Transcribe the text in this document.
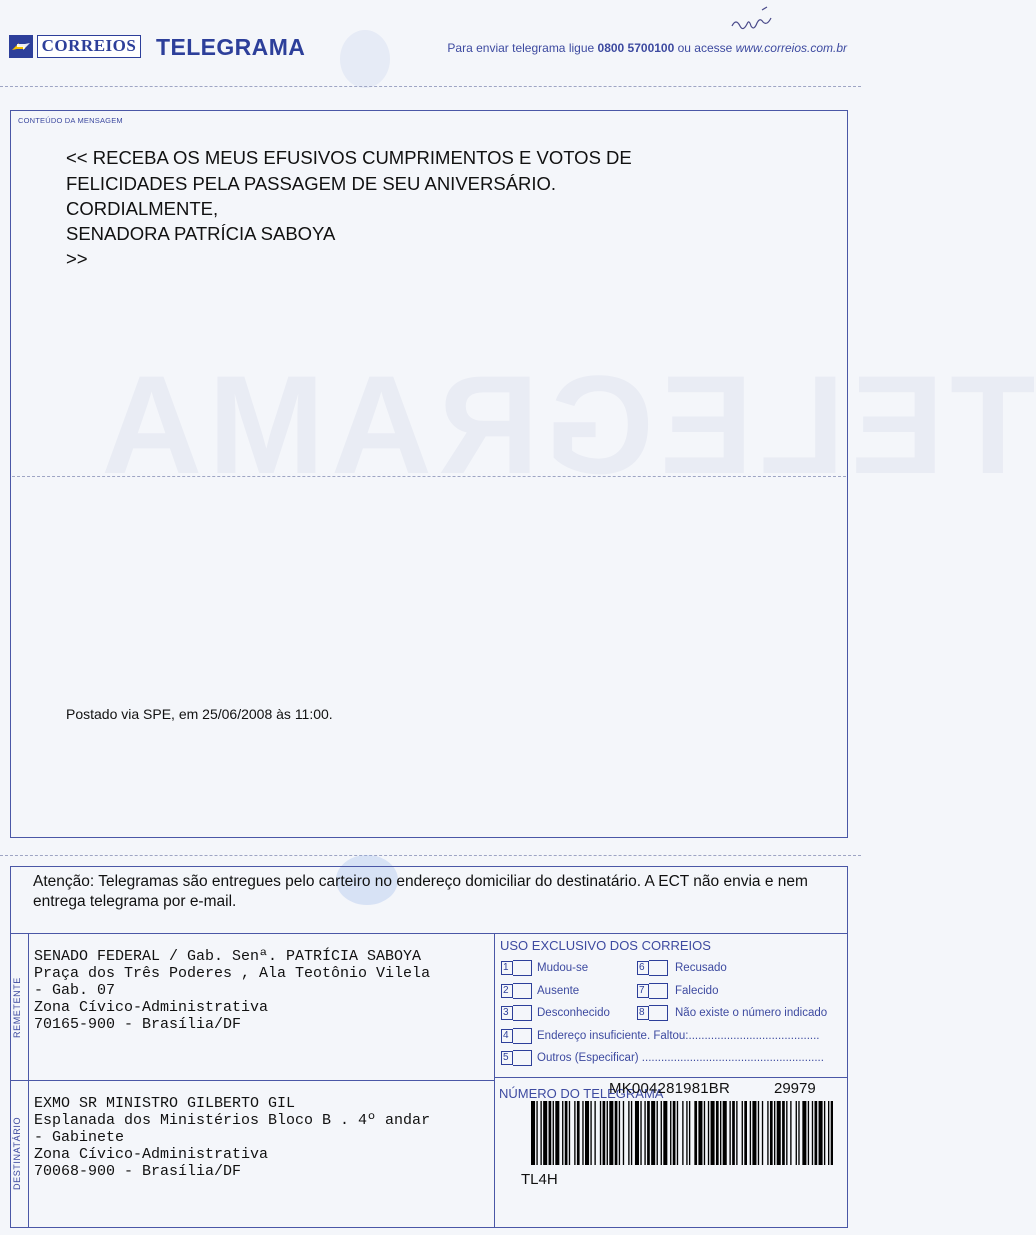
CORREIOS TELEGRAMA	Para enviar telegrama ligue 0800 5700100 ou acesse www.correios.com.br
TELEGRAMA
CONTEÚDO DA MENSAGEM
<< RECEBA OS MEUS EFUSIVOS CUMPRIMENTOS E VOTOS DE
FELICIDADES PELA PASSAGEM DE SEU ANIVERSÁRIO.
CORDIALMENTE,
SENADORA PATRÍCIA SABOYA
>>
Postado via SPE, em 25/06/2008 às 11:00.
Atenção: Telegramas são entregues pelo carteiro no endereço domiciliar do destinatário. A ECT não envia e nem entrega telegrama por e-mail.
REMETENTE
DESTINATÁRIO
SENADO FEDERAL / Gab. Senª. PATRÍCIA SABOYA
Praça dos Três Poderes , Ala Teotônio Vilela
- Gab. 07
Zona Cívico-Administrativa
70165-900 - Brasília/DF
EXMO SR MINISTRO GILBERTO GIL
Esplanada dos Ministérios Bloco B . 4º andar
- Gabinete
Zona Cívico-Administrativa
70068-900 - Brasília/DF
USO EXCLUSIVO DOS CORREIOS
1	Mudou-se
2	Ausente
3	Desconhecido
4	Endereço insuficiente. Faltou:.........................................
5	Outros (Especificar) .........................................................
6	Recusado
7	Falecido
8	Não existe o número indicado
NÚMERO DO TELEGRAMA
MK004281981BR	29979
TL4H
